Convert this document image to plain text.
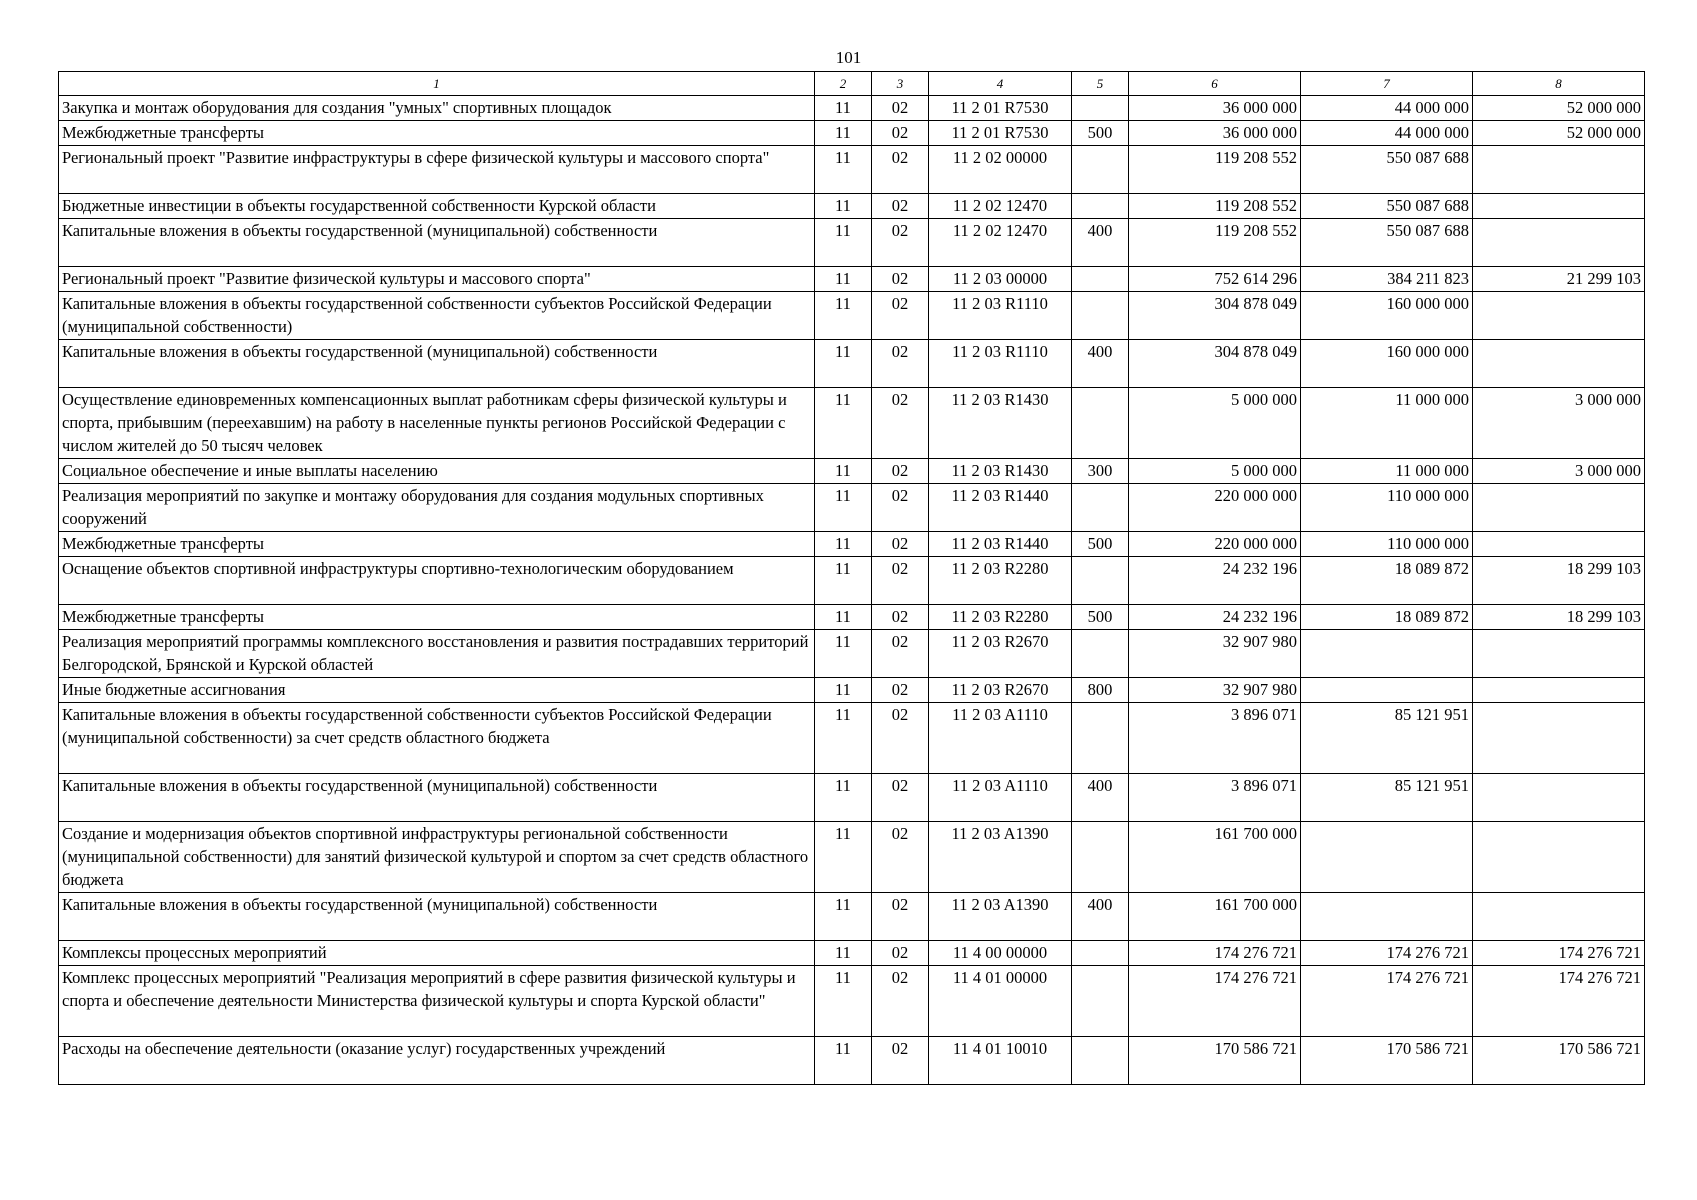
101
1	2	3	4	5	6	7	8
Закупка и монтаж оборудования для создания "умных" спортивных площадок	11	02	11 2 01 R7530		36 000 000	44 000 000	52 000 000
Межбюджетные трансферты	11	02	11 2 01 R7530	500	36 000 000	44 000 000	52 000 000
Региональный проект "Развитие инфраструктуры в сфере физической культуры и массового спорта"	11	02	11 2 02 00000		119 208 552	550 087 688	
Бюджетные инвестиции в объекты государственной собственности Курской области	11	02	11 2 02 12470		119 208 552	550 087 688	
Капитальные вложения в объекты государственной (муниципальной) собственности	11	02	11 2 02 12470	400	119 208 552	550 087 688	
Региональный проект "Развитие физической культуры и массового спорта"	11	02	11 2 03 00000		752 614 296	384 211 823	21 299 103
Капитальные вложения в объекты государственной собственности субъектов Российской Федерации (муниципальной собственности)	11	02	11 2 03 R1110		304 878 049	160 000 000	
Капитальные вложения в объекты государственной (муниципальной) собственности	11	02	11 2 03 R1110	400	304 878 049	160 000 000	
Осуществление единовременных компенсационных выплат работникам сферы физической культуры и спорта, прибывшим (переехавшим) на работу в населенные пункты регионов Российской Федерации с числом жителей до 50 тысяч человек	11	02	11 2 03 R1430		5 000 000	11 000 000	3 000 000
Социальное обеспечение и иные выплаты населению	11	02	11 2 03 R1430	300	5 000 000	11 000 000	3 000 000
Реализация мероприятий по закупке и монтажу оборудования для создания модульных спортивных сооружений	11	02	11 2 03 R1440		220 000 000	110 000 000	
Межбюджетные трансферты	11	02	11 2 03 R1440	500	220 000 000	110 000 000	
Оснащение объектов спортивной инфраструктуры спортивно-технологическим оборудованием	11	02	11 2 03 R2280		24 232 196	18 089 872	18 299 103
Межбюджетные трансферты	11	02	11 2 03 R2280	500	24 232 196	18 089 872	18 299 103
Реализация мероприятий программы комплексного восстановления и развития пострадавших территорий Белгородской, Брянской и Курской областей	11	02	11 2 03 R2670		32 907 980		
Иные бюджетные ассигнования	11	02	11 2 03 R2670	800	32 907 980		
Капитальные вложения в объекты государственной собственности субъектов Российской Федерации (муниципальной собственности) за счет средств областного бюджета	11	02	11 2 03 A1110		3 896 071	85 121 951	
Капитальные вложения в объекты государственной (муниципальной) собственности	11	02	11 2 03 A1110	400	3 896 071	85 121 951	
Создание и модернизация объектов спортивной инфраструктуры региональной собственности (муниципальной собственности) для занятий физической культурой и спортом за счет средств областного бюджета	11	02	11 2 03 A1390		161 700 000		
Капитальные вложения в объекты государственной (муниципальной) собственности	11	02	11 2 03 A1390	400	161 700 000		
Комплексы процессных мероприятий	11	02	11 4 00 00000		174 276 721	174 276 721	174 276 721
Комплекс процессных мероприятий "Реализация мероприятий в сфере развития физической культуры и спорта и обеспечение деятельности Министерства физической культуры и спорта Курской области"	11	02	11 4 01 00000		174 276 721	174 276 721	174 276 721
Расходы на обеспечение деятельности (оказание услуг) государственных учреждений	11	02	11 4 01 10010		170 586 721	170 586 721	170 586 721
